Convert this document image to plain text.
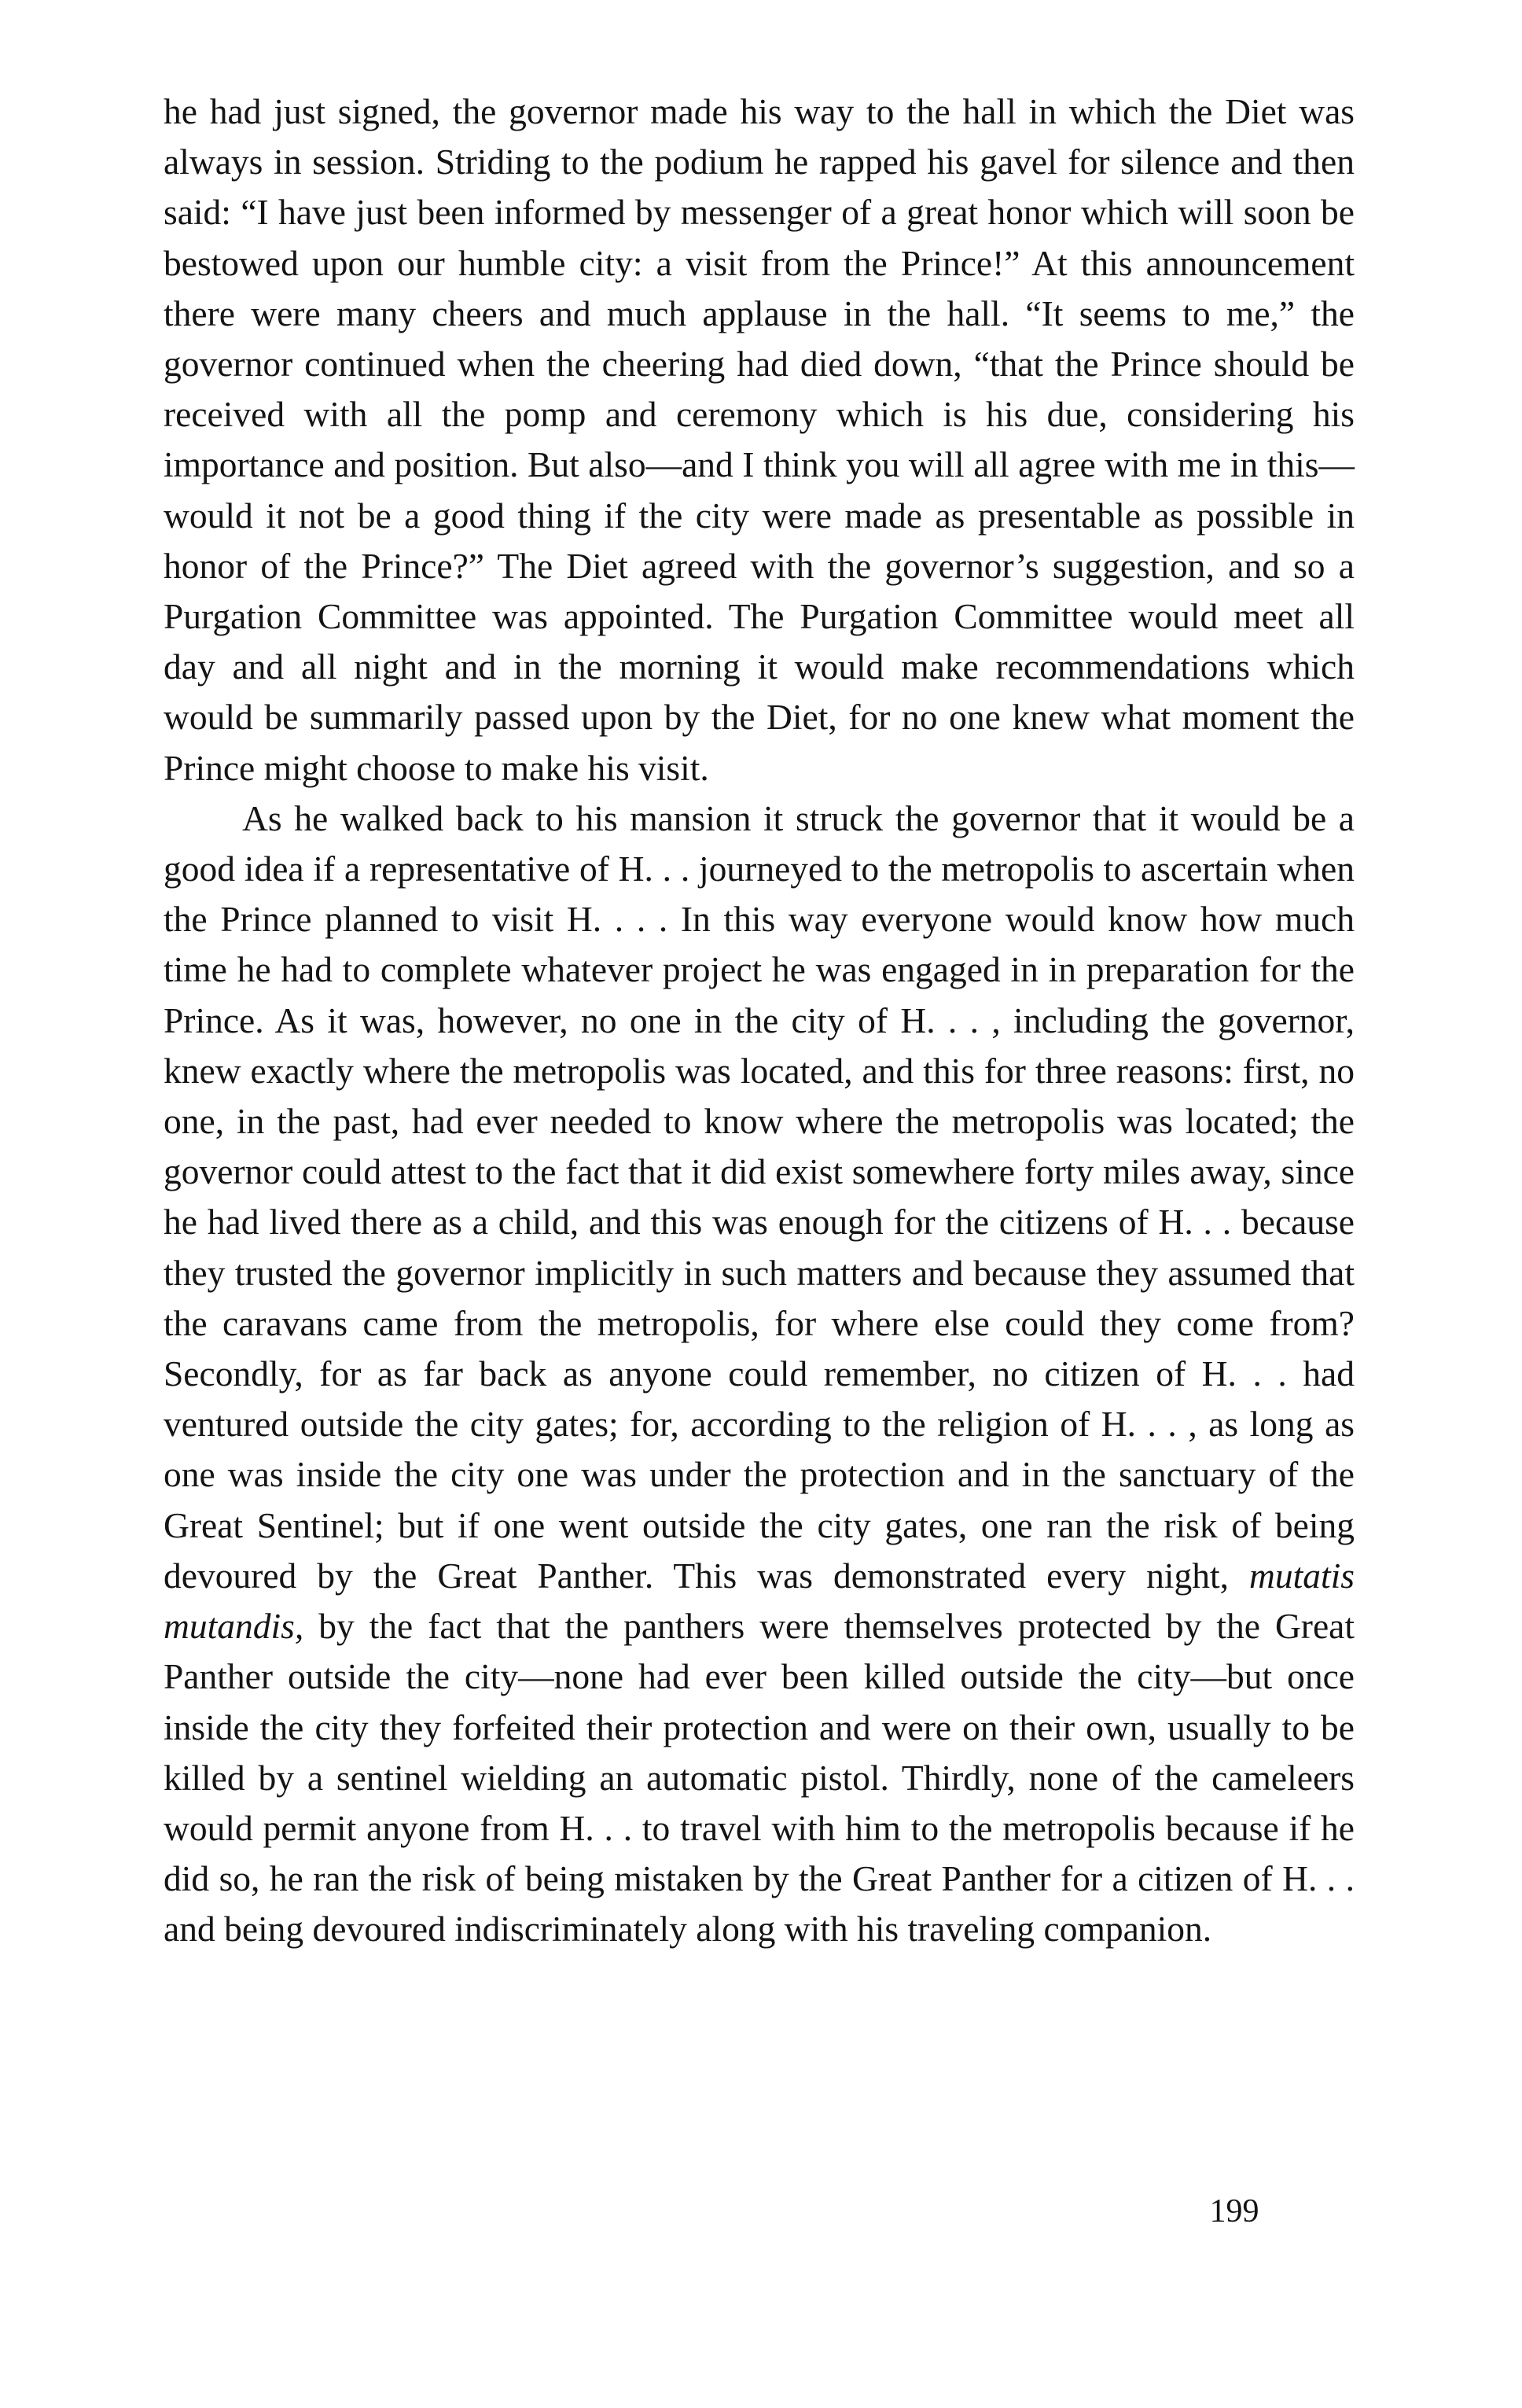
he had just signed, the governor made his way to the hall in which the Diet was always in session. Striding to the podium he rapped his gavel for silence and then said: “I have just been informed by messenger of a great honor which will soon be bestowed upon our humble city: a visit from the Prince!” At this announcement there were many cheers and much applause in the hall. “It seems to me,” the governor continued when the cheering had died down, “that the Prince should be received with all the pomp and ceremony which is his due, considering his importance and position. But also—and I think you will all agree with me in this—would it not be a good thing if the city were made as presentable as possible in honor of the Prince?” The Diet agreed with the governor’s suggestion, and so a Purgation Committee was appointed. The Purgation Committee would meet all day and all night and in the morning it would make recommendations which would be summarily passed upon by the Diet, for no one knew what moment the Prince might choose to make his visit.

As he walked back to his mansion it struck the governor that it would be a good idea if a representative of H. . . journeyed to the metropolis to ascertain when the Prince planned to visit H. . . . In this way everyone would know how much time he had to complete whatever project he was engaged in in preparation for the Prince. As it was, however, no one in the city of H. . . , including the governor, knew exactly where the metropolis was located, and this for three reasons: first, no one, in the past, had ever needed to know where the metropolis was located; the governor could attest to the fact that it did exist somewhere forty miles away, since he had lived there as a child, and this was enough for the citizens of H. . . because they trusted the governor implicitly in such matters and because they assumed that the caravans came from the metropolis, for where else could they come from? Secondly, for as far back as anyone could remember, no citizen of H. . . had ventured outside the city gates; for, according to the religion of H. . . , as long as one was inside the city one was under the protection and in the sanctuary of the Great Sentinel; but if one went outside the city gates, one ran the risk of being devoured by the Great Panther. This was demonstrated every night, mutatis mutandis, by the fact that the panthers were themselves protected by the Great Panther outside the city—none had ever been killed outside the city—but once inside the city they forfeited their protection and were on their own, usually to be killed by a sentinel wielding an automatic pistol. Thirdly, none of the cameleers would permit anyone from H. . . to travel with him to the metropolis because if he did so, he ran the risk of being mistaken by the Great Panther for a citizen of H. . . and being devoured indiscriminately along with his traveling companion.

199
